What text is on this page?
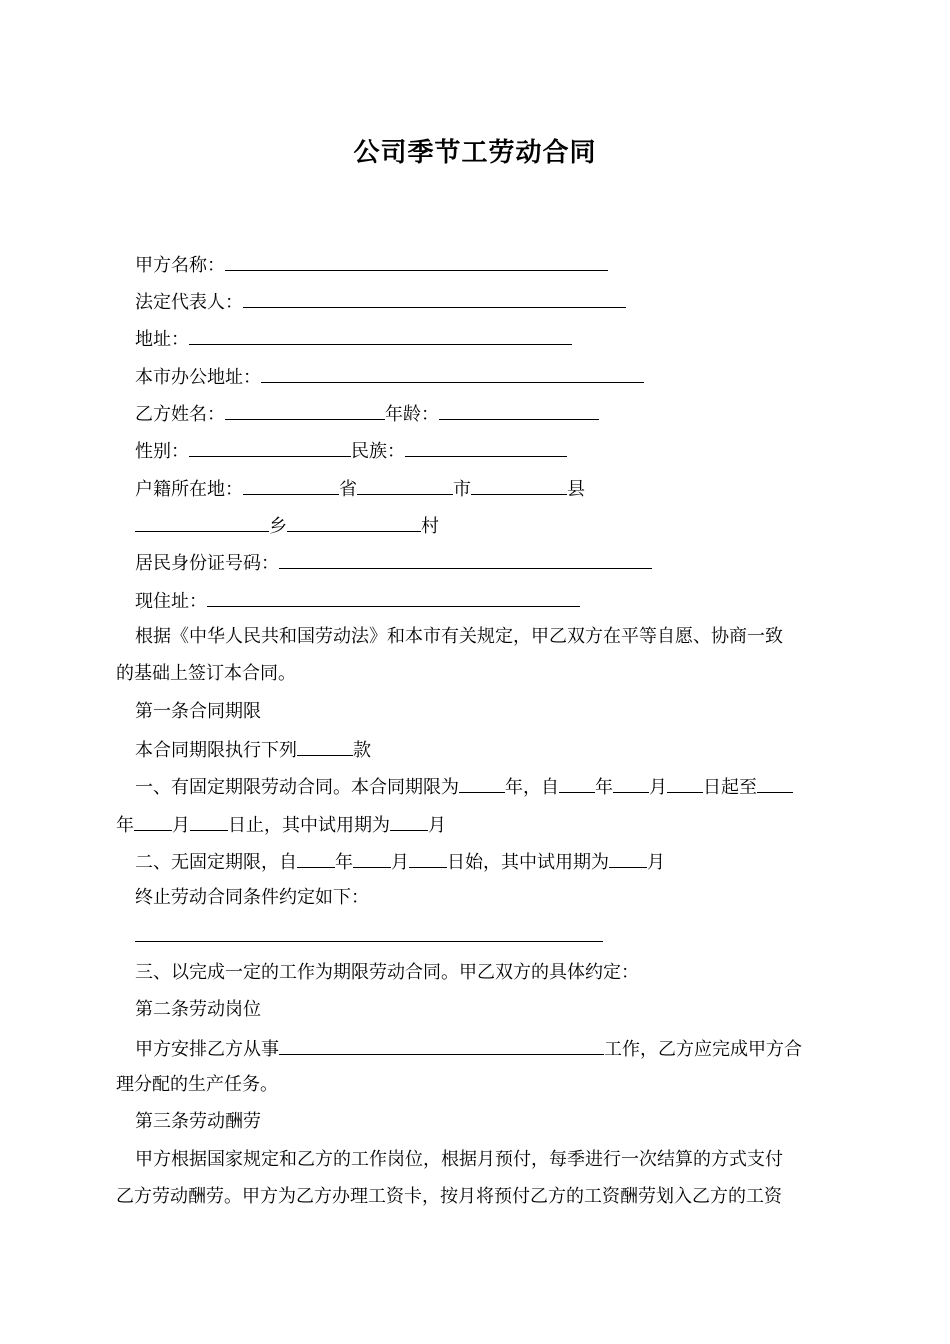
公司季节工劳动合同
甲方名称：
法定代表人：
地址：
本市办公地址：
乙方姓名：	年龄：
性别：	民族：
户籍所在地：	省	市	县
乡	村
居民身份证号码：
现住址：
根据《中华人民共和国劳动法》和本市有关规定，甲乙双方在平等自愿、协商一致
的基础上签订本合同。
第一条合同期限
本合同期限执行下列	款
一、有固定期限劳动合同。本合同期限为	年，自 年 月 日起至
年 月 日止，其中试用期为 月
二、无固定期限，自 年 月 日始，其中试用期为 月
终止劳动合同条件约定如下：
三、以完成一定的工作为期限劳动合同。甲乙双方的具体约定：
第二条劳动岗位
甲方安排乙方从事	工作，乙方应完成甲方合
理分配的生产任务。
第三条劳动酬劳
甲方根据国家规定和乙方的工作岗位，根据月预付，每季进行一次结算的方式支付
乙方劳动酬劳。甲方为乙方办理工资卡，按月将预付乙方的工资酬劳划入乙方的工资
